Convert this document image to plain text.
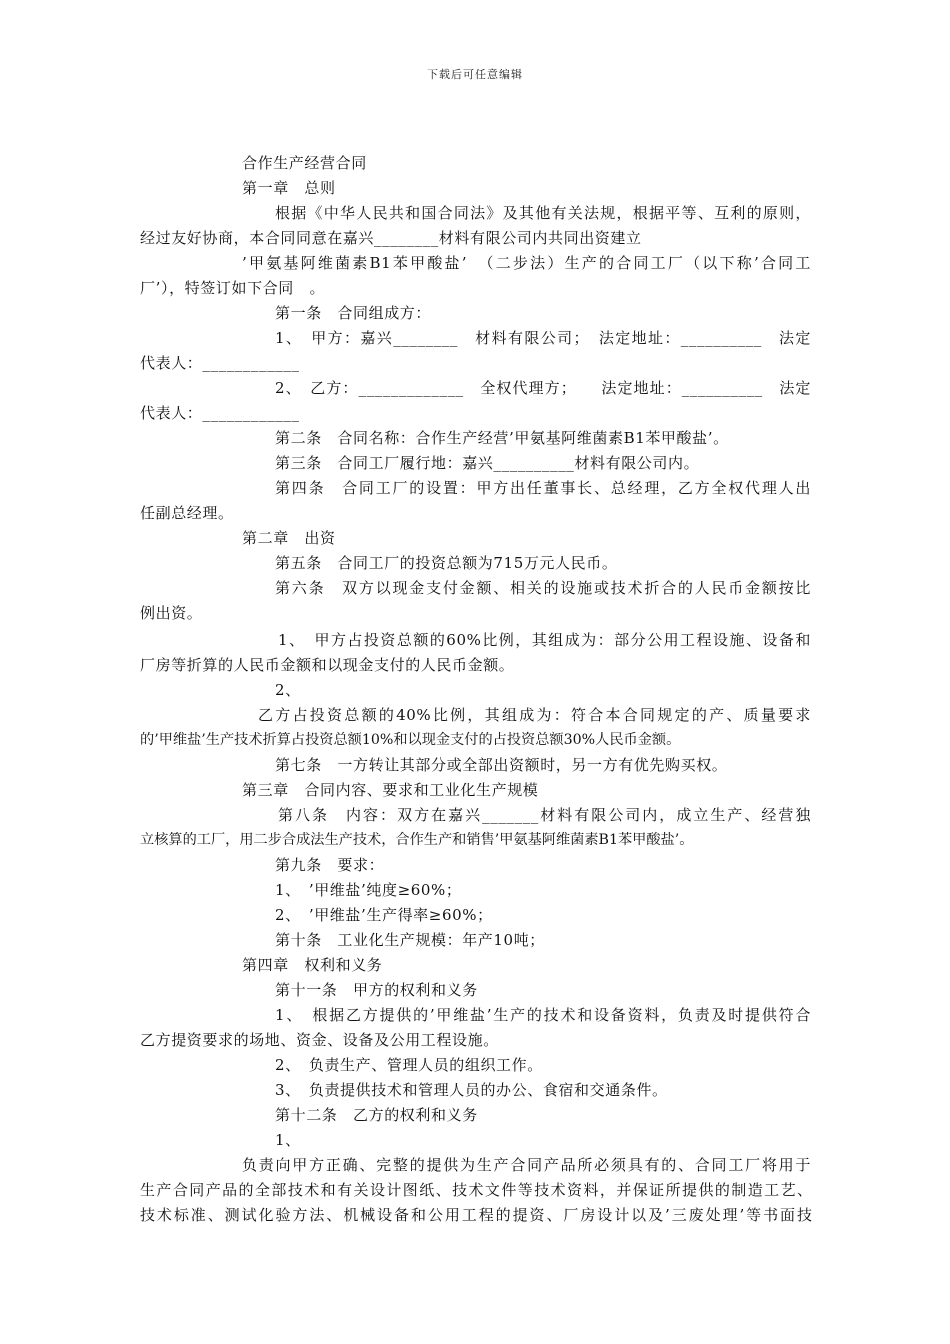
下载后可任意编辑
合作生产经营合同
第一章　总则
根据《中华人民共和国合同法》及其他有关法规，根据平等、互利的原则，
经过友好协商，本合同同意在嘉兴________材料有限公司内共同出资建立
’甲氨基阿维菌素B1苯甲酸盐’　（二步法）生产的合同工厂（以下称’合同工
厂’），特签订如下合同　。
第一条　合同组成方：
1、　甲方：嘉兴________　材料有限公司；　法定地址：__________　法定
代表人：____________
2、　乙方：_____________　全权代理方；　　法定地址：__________　法定
代表人：____________
第二条　合同名称：合作生产经营’甲氨基阿维菌素B1苯甲酸盐’。
第三条　合同工厂履行地：嘉兴__________材料有限公司内。
第四条　合同工厂的设置：甲方出任董事长、总经理，乙方全权代理人出
任副总经理。
第二章　出资
第五条　合同工厂的投资总额为715万元人民币。
第六条　双方以现金支付金额、相关的设施或技术折合的人民币金额按比
例出资。
1、　甲方占投资总额的60%比例，其组成为：部分公用工程设施、设备和
厂房等折算的人民币金额和以现金支付的人民币金额。
2、
乙方占投资总额的40%比例，其组成为：符合本合同规定的产、质量要求
的’甲维盐’生产技术折算占投资总额10%和以现金支付的占投资总额30%人民币金额。
第七条　一方转让其部分或全部出资额时，另一方有优先购买权。
第三章　合同内容、要求和工业化生产规模
第八条　内容：双方在嘉兴_______材料有限公司内，成立生产、经营独
立核算的工厂，用二步合成法生产技术，合作生产和销售’甲氨基阿维菌素B1苯甲酸盐’。
第九条　要求：
1、　’甲维盐’纯度≥60%；
2、　’甲维盐’生产得率≥60%；
第十条　工业化生产规模：年产10吨；
第四章　权利和义务
第十一条　甲方的权利和义务
1、　根据乙方提供的’甲维盐’生产的技术和设备资料，负责及时提供符合
乙方提资要求的场地、资金、设备及公用工程设施。
2、　负责生产、管理人员的组织工作。
3、　负责提供技术和管理人员的办公、食宿和交通条件。
第十二条　乙方的权利和义务
1、
负责向甲方正确、完整的提供为生产合同产品所必须具有的、合同工厂将用于
生产合同产品的全部技术和有关设计图纸、技术文件等技术资料，并保证所提供的制造工艺、
技术标准、测试化验方法、机械设备和公用工程的提资、厂房设计以及’三废处理’等书面技
